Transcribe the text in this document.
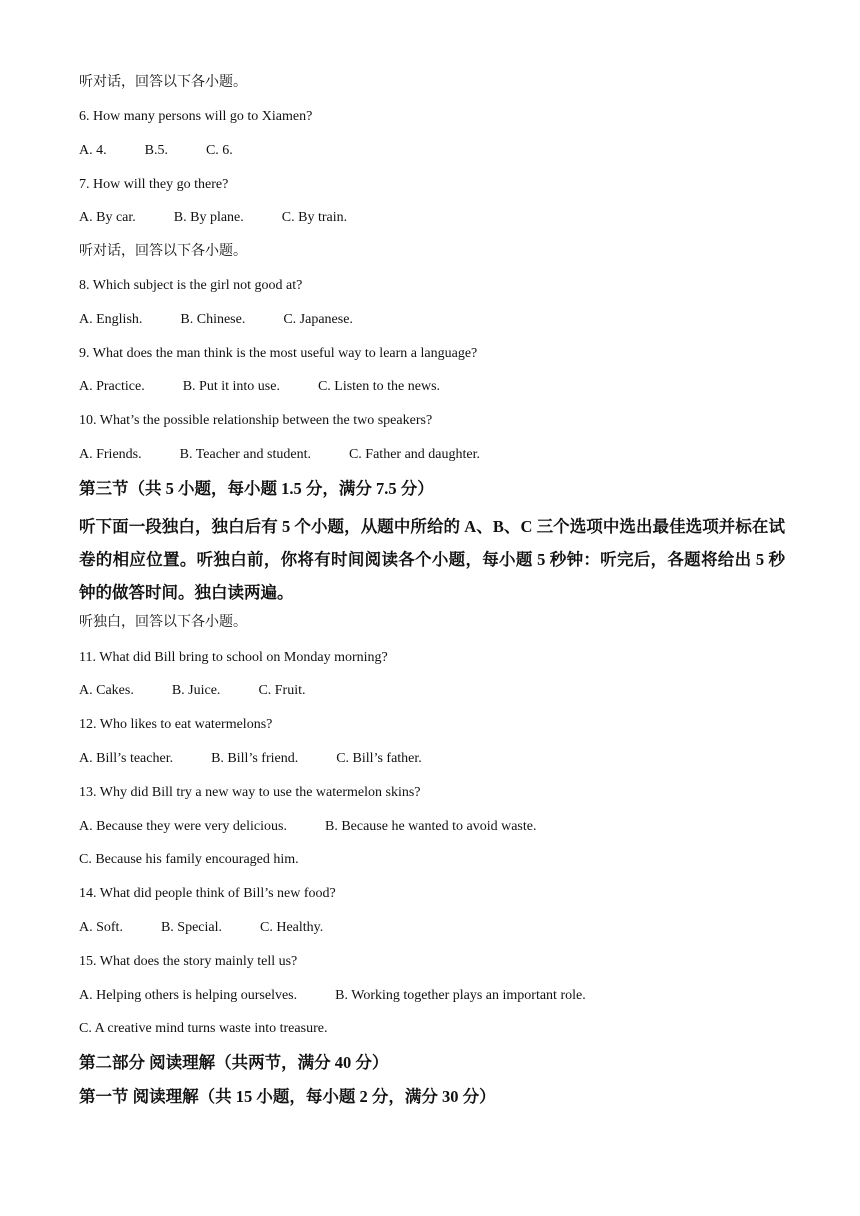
听对话，回答以下各小题。
6. How many persons will go to Xiamen?
A. 4.	B.5.	C. 6.
7. How will they go there?
A. By car.	B. By plane.	C. By train.
听对话，回答以下各小题。
8. Which subject is the girl not good at?
A. English.	B. Chinese.	C. Japanese.
9. What does the man think is the most useful way to learn a language?
A. Practice.	B. Put it into use.	C. Listen to the news.
10. What’s the possible relationship between the two speakers?
A. Friends.	B. Teacher and student.	C. Father and daughter.
第三节（共 5 小题，每小题 1.5 分，满分 7.5 分）
听下面一段独白，独白后有 5 个小题，从题中所给的 A、B、C 三个选项中选出最佳选项并标在试卷的相应位置。听独白前，你将有时间阅读各个小题，每小题 5 秒钟：听完后，各题将给出 5 秒钟的做答时间。独白读两遍。
听独白，回答以下各小题。
11. What did Bill bring to school on Monday morning?
A. Cakes.	B. Juice.	C. Fruit.
12. Who likes to eat watermelons?
A. Bill’s teacher.	B. Bill’s friend.	C. Bill’s father.
13. Why did Bill try a new way to use the watermelon skins?
A. Because they were very delicious.	B. Because he wanted to avoid waste.
C. Because his family encouraged him.
14. What did people think of Bill’s new food?
A. Soft.	B. Special.	C. Healthy.
15. What does the story mainly tell us?
A. Helping others is helping ourselves.	B. Working together plays an important role.
C. A creative mind turns waste into treasure.
第二部分 阅读理解（共两节，满分 40 分）
第一节 阅读理解（共 15 小题，每小题 2 分，满分 30 分）
